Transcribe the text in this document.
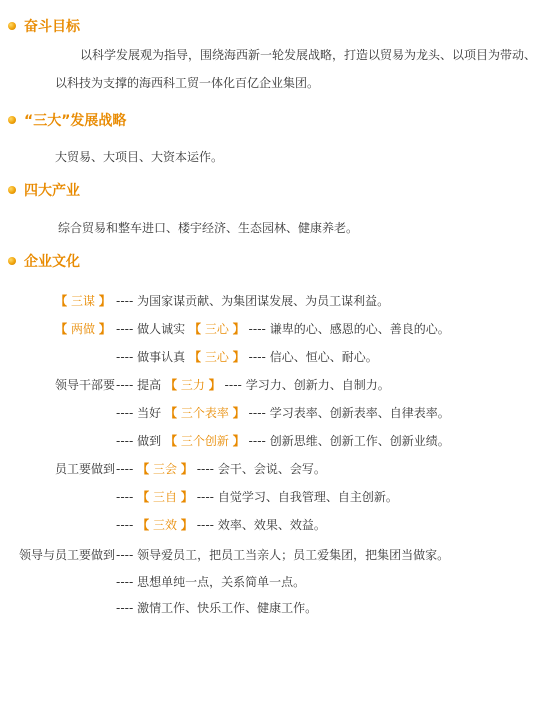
奋斗目标
以科学发展观为指导，围绕海西新一轮发展战略，打造以贸易为龙头、以项目为带动、
以科技为支撑的海西科工贸一体化百亿企业集团。
“三大”发展战略
大贸易、大项目、大资本运作。
四大产业
综合贸易和整车进口、楼宇经济、生态园林、健康养老。
企业文化
【 三谋 】 ---- 为国家谋贡献、为集团谋发展、为员工谋利益。
【 两做 】 ---- 做人诚实 【 三心 】 ---- 谦卑的心、感恩的心、善良的心。
---- 做事认真 【 三心 】 ---- 信心、恒心、耐心。
领导干部要 ---- 提高 【 三力 】 ---- 学习力、创新力、自制力。
---- 当好 【 三个表率 】 ---- 学习表率、创新表率、自律表率。
---- 做到 【 三个创新 】 ---- 创新思维、创新工作、创新业绩。
员工要做到 ---- 【 三会 】 ---- 会干、会说、会写。
---- 【 三自 】 ---- 自觉学习、自我管理、自主创新。
---- 【 三效 】 ---- 效率、效果、效益。
领导与员工要做到 ---- 领导爱员工，把员工当亲人；员工爱集团，把集团当做家。
---- 思想单纯一点，关系简单一点。
---- 激情工作、快乐工作、健康工作。
